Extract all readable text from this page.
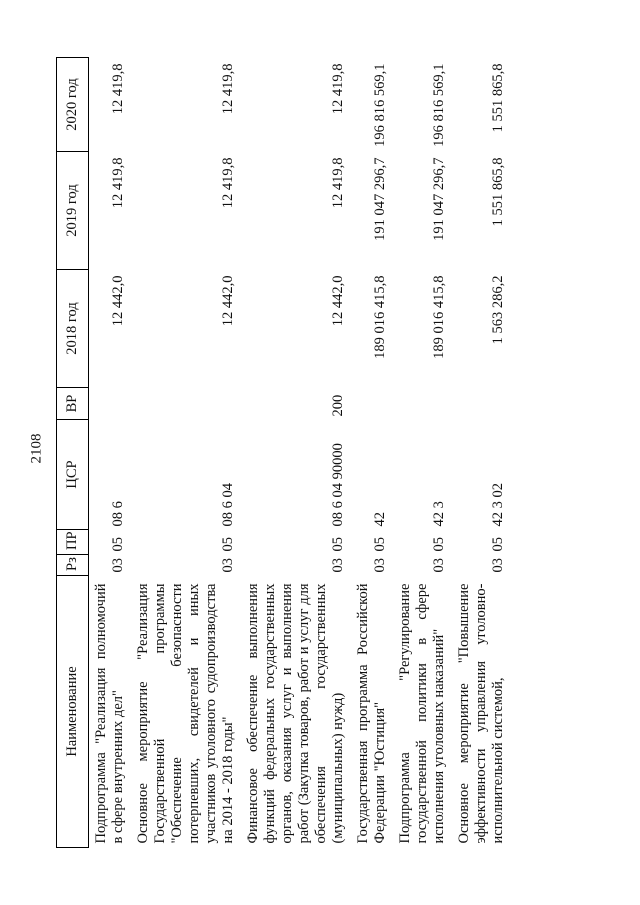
2108
Наименование	Рз	ПР	ЦСР	ВР	2018 год	2019 год	2020 год
Подпрограмма "Реализация полномочий в сфере внутренних дел"	03	05	08 6		12 442,0	12 419,8	12 419,8
Основное мероприятие "Реализация Государственной программы "Обеспечение безопасности потерпевших, свидетелей и иных участников уголовного судопроизводства на 2014 - 2018 годы"	03	05	08 6 04		12 442,0	12 419,8	12 419,8
Финансовое обеспечение выполнения функций федеральных государственных органов, оказания услуг и выполнения работ (Закупка товаров, работ и услуг для обеспечения государственных (муниципальных) нужд)	03	05	08 6 04 90000	200	12 442,0	12 419,8	12 419,8
Государственная программа Российской Федерации "Юстиция"	03	05	42		189 016 415,8	191 047 296,7	196 816 569,1
Подпрограмма "Регулирование государственной политики в сфере исполнения уголовных наказаний"	03	05	42 3		189 016 415,8	191 047 296,7	196 816 569,1
Основное мероприятие "Повышение эффективности управления уголовно-исполнительной системой,	03	05	42 3 02		1 563 286,2	1 551 865,8	1 551 865,8
